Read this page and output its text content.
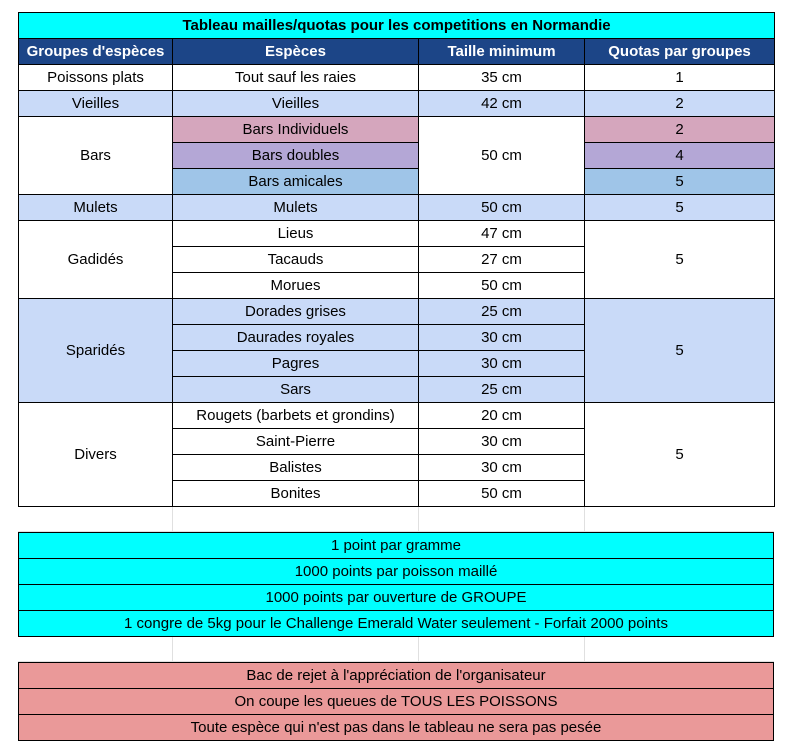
Tableau mailles/quotas pour les competitions en Normandie			
Groupes d'espèces	Espèces	Taille minimum	Quotas par groupes
Poissons plats	Tout sauf les raies	35 cm	1
Vieilles	Vieilles	42 cm	2
Bars	Bars Individuels	50 cm	2
	Bars doubles		4
	Bars amicales		5
Mulets	Mulets	50 cm	5
Gadidés	Lieus	47 cm	5
	Tacauds	27 cm	
	Morues	50 cm	
Sparidés	Dorades grises	25 cm	5
	Daurades royales	30 cm	
	Pagres	30 cm	
	Sars	25 cm	
Divers	Rougets (barbets et grondins)	20 cm	5
	Saint-Pierre	30 cm	
	Balistes	30 cm	
	Bonites	50 cm	
1 point par gramme
1000 points par poisson maillé
1000 points par ouverture de GROUPE
1 congre de 5kg pour le Challenge Emerald Water seulement - Forfait 2000 points
Bac de rejet à l'appréciation de l'organisateur
On coupe les queues de TOUS LES POISSONS
Toute espèce qui n'est pas dans le tableau ne sera pas pesée
